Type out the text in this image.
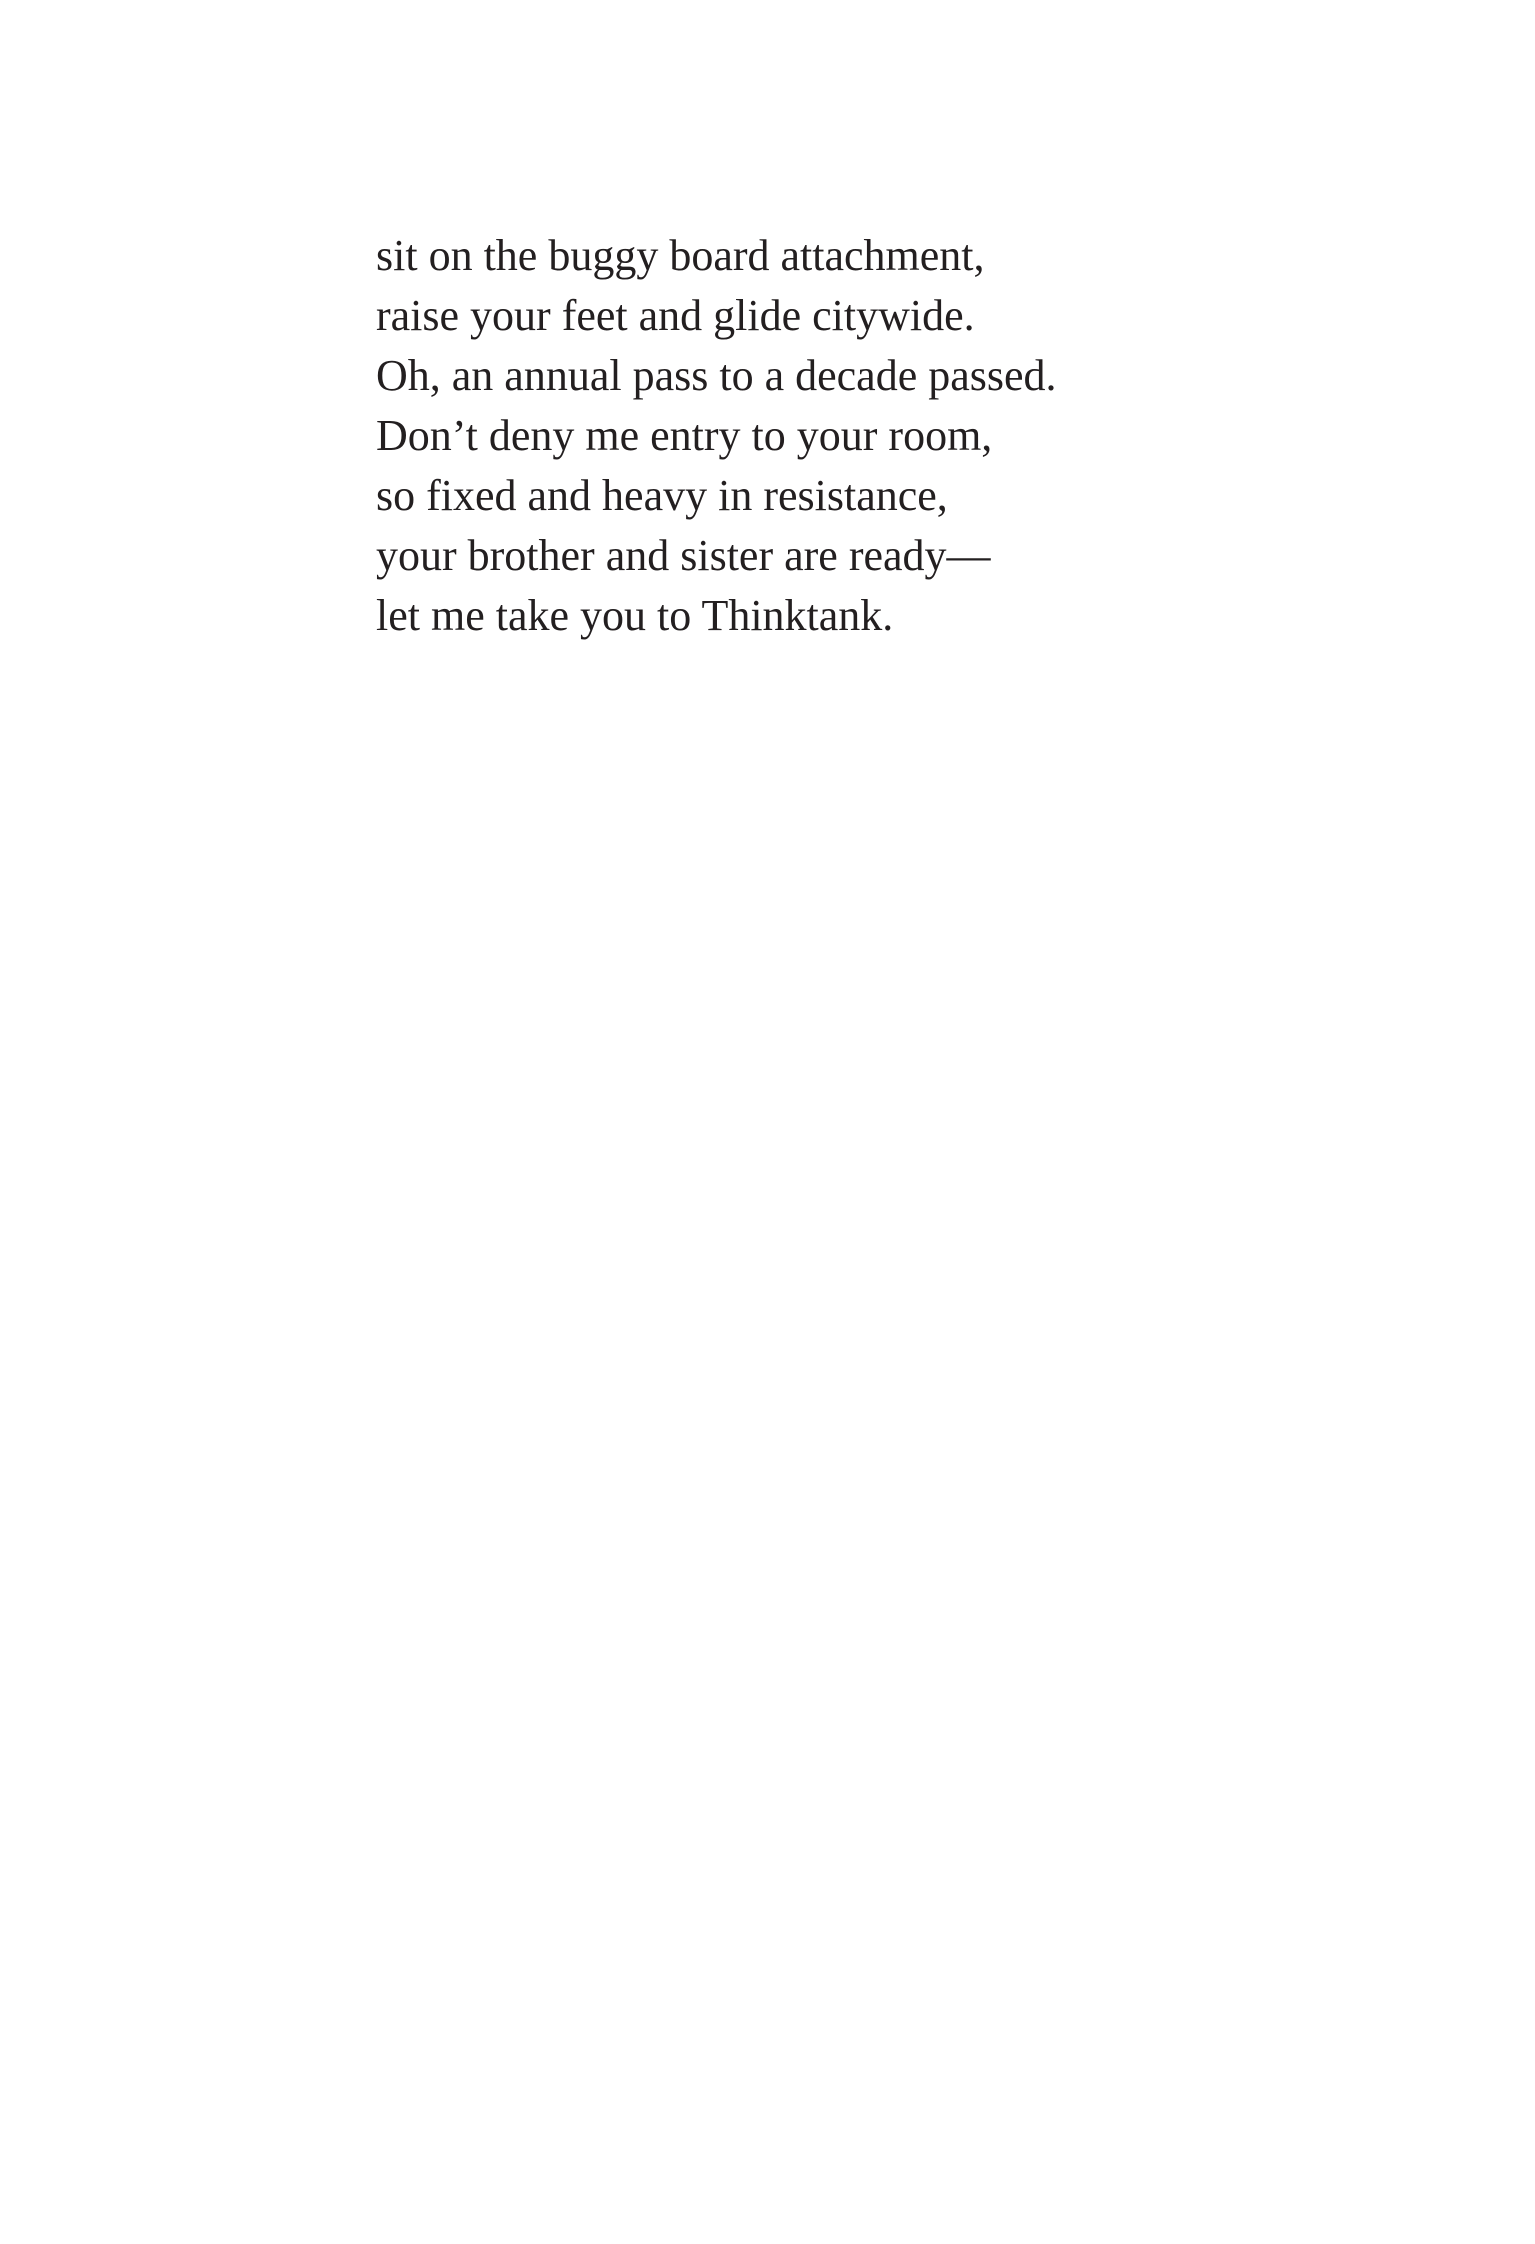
sit on the buggy board attachment,
raise your feet and glide citywide.
Oh, an annual pass to a decade passed.
Don’t deny me entry to your room,
so fixed and heavy in resistance,
your brother and sister are ready—
let me take you to Thinktank.
